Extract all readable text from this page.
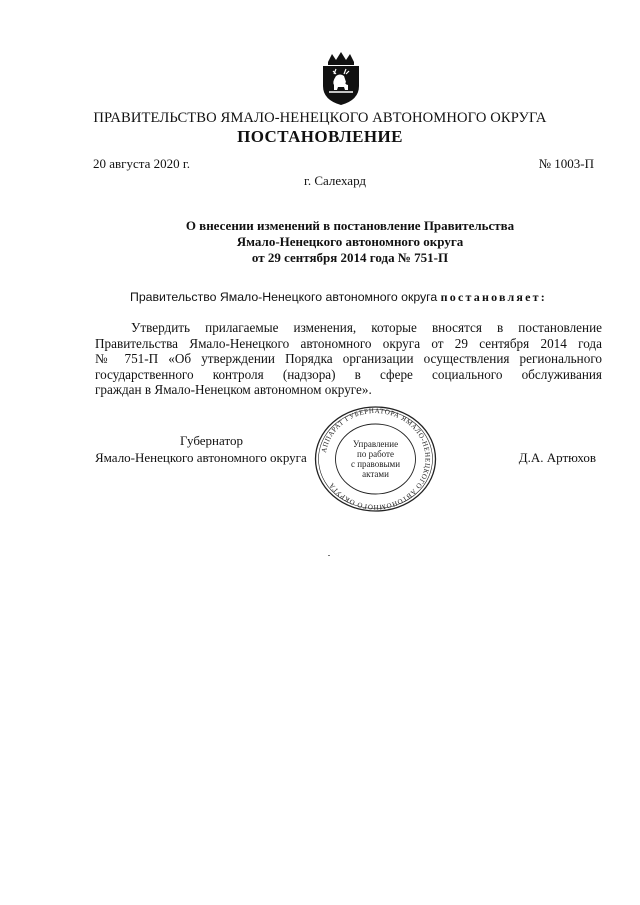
ПРАВИТЕЛЬСТВО ЯМАЛО-НЕНЕЦКОГО АВТОНОМНОГО ОКРУГА
ПОСТАНОВЛЕНИЕ
20 августа 2020 г.	№ 1003-П
г. Салехард
О внесении изменений в постановление Правительства
Ямало-Ненецкого автономного округа
от 29 сентября 2014 года № 751-П
Правительство Ямало-Ненецкого автономного округа постановляет:
Утвердить прилагаемые изменения, которые вносятся в постановление
Правительства Ямало-Ненецкого автономного округа от 29 сентября 2014 года
№ 751-П «Об утверждении Порядка организации осуществления регионального
государственного контроля (надзора) в сфере социального обслуживания
граждан в Ямало-Ненецком автономном округе».
Губернатор
Ямало-Ненецкого автономного округа	Д.А. Артюхов
АППАРАТ ГУБЕРНАТОРА ЯМАЛО-НЕНЕЦКОГО АВТОНОМНОГО ОКРУГА
Управление
по работе
с правовыми
актами
